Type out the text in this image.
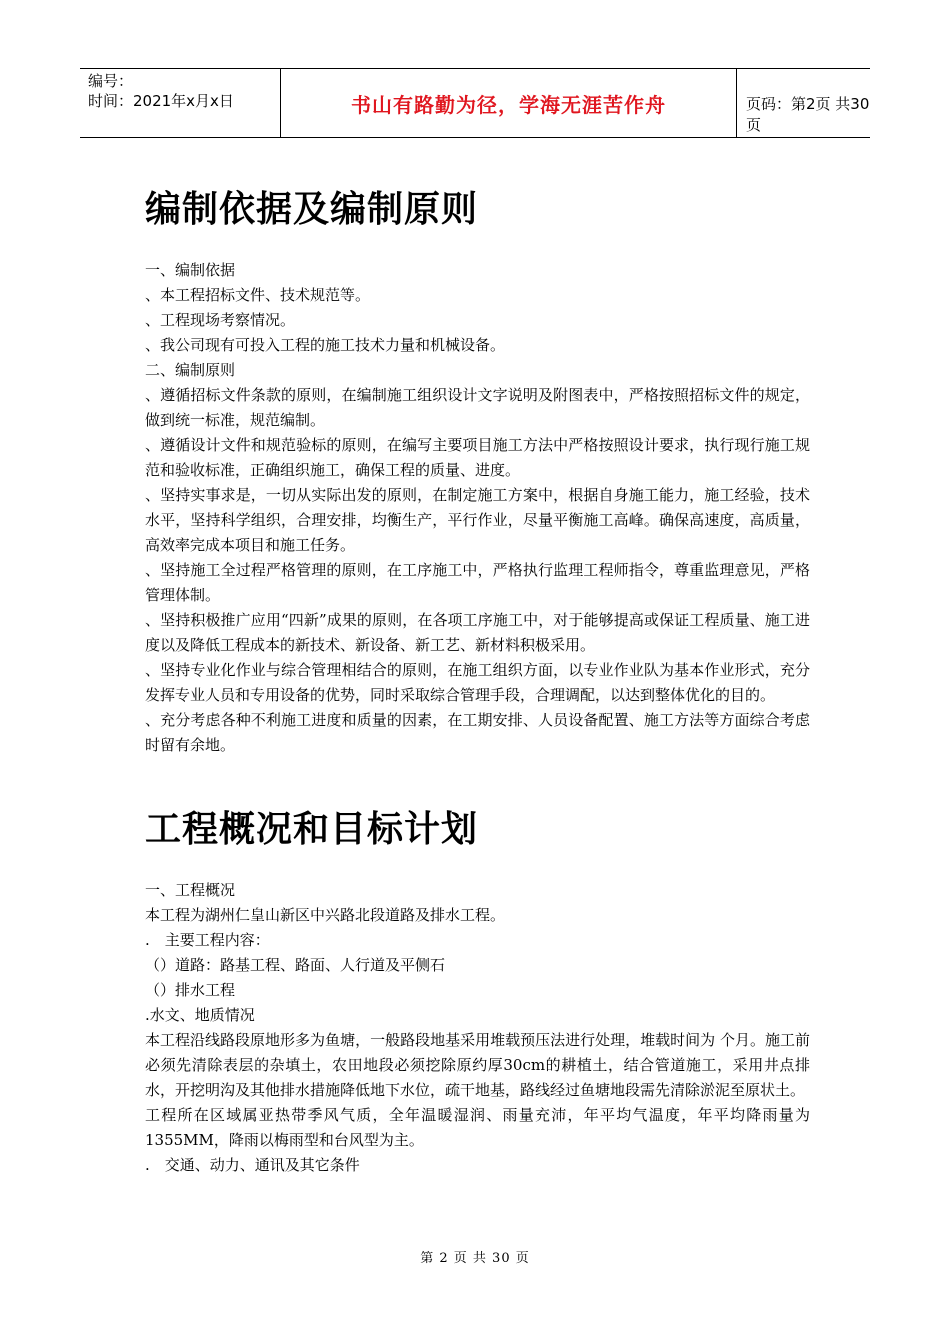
编号：
时间：2021年x月x日	书山有路勤为径，学海无涯苦作舟	页码：第2页 共30页
编制依据及编制原则

一、编制依据

、本工程招标文件、技术规范等。

、工程现场考察情况。

、我公司现有可投入工程的施工技术力量和机械设备。

二、编制原则

、遵循招标文件条款的原则，在编制施工组织设计文字说明及附图表中，严格按照招标文件的规定，做到统一标准，规范编制。

、遵循设计文件和规范验标的原则，在编写主要项目施工方法中严格按照设计要求，执行现行施工规范和验收标准，正确组织施工，确保工程的质量、进度。

、坚持实事求是，一切从实际出发的原则，在制定施工方案中，根据自身施工能力，施工经验，技术水平，坚持科学组织，合理安排，均衡生产，平行作业，尽量平衡施工高峰。确保高速度，高质量，高效率完成本项目和施工任务。

、坚持施工全过程严格管理的原则，在工序施工中，严格执行监理工程师指令，尊重监理意见，严格管理体制。

、坚持积极推广应用“四新”成果的原则，在各项工序施工中，对于能够提高或保证工程质量、施工进度以及降低工程成本的新技术、新设备、新工艺、新材料积极采用。

、坚持专业化作业与综合管理相结合的原则，在施工组织方面，以专业作业队为基本作业形式，充分发挥专业人员和专用设备的优势，同时采取综合管理手段，合理调配，以达到整体优化的目的。

、充分考虑各种不利施工进度和质量的因素，在工期安排、人员设备配置、施工方法等方面综合考虑时留有余地。

工程概况和目标计划

一、工程概况

本工程为湖州仁皇山新区中兴路北段道路及排水工程。

.　主要工程内容：

（）道路：路基工程、路面、人行道及平侧石

（）排水工程

.水文、地质情况

本工程沿线路段原地形多为鱼塘，一般路段地基采用堆载预压法进行处理，堆载时间为 个月。施工前必须先清除表层的杂填土，农田地段必须挖除原约厚30cm的耕植土，结合管道施工，采用井点排水，开挖明沟及其他排水措施降低地下水位，疏干地基，路线经过鱼塘地段需先清除淤泥至原状土。

工程所在区域属亚热带季风气质，全年温暖湿润、雨量充沛，年平均气温度，年平均降雨量为1355MM，降雨以梅雨型和台风型为主。

.　交通、动力、通讯及其它条件

第 2 页 共 30 页
